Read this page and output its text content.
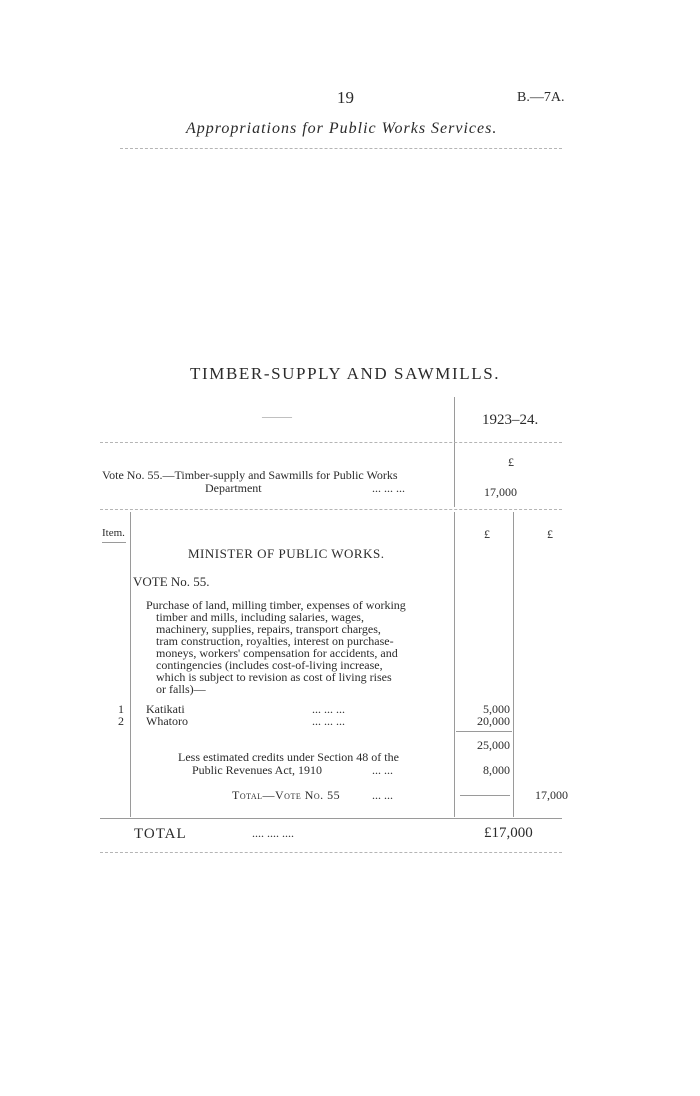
19	B.—7A.
Appropriations for Public Works Services.
TIMBER-SUPPLY AND SAWMILLS.
———	1923–24.
£
Vote No. 55.—Timber-supply and Sawmills for Public Works
Department	... ... ...	17,000
Item.	£	£
MINISTER OF PUBLIC WORKS.
VOTE No. 55.
Purchase of land, milling timber, expenses of working
timber and mills, including salaries, wages,
machinery, supplies, repairs, transport charges,
tram construction, royalties, interest on purchase-
moneys, workers' compensation for accidents, and
contingencies (includes cost-of-living increase,
which is subject to revision as cost of living rises
or falls)—
1 Katikati	... ... ...	5,000
2 Whatoro	... ... ...	20,000
25,000
Less estimated credits under Section 48 of the
Public Revenues Act, 1910	... ...	8,000
Total—Vote No. 55	... ...	17,000
TOTAL	.... .... ....	£17,000
